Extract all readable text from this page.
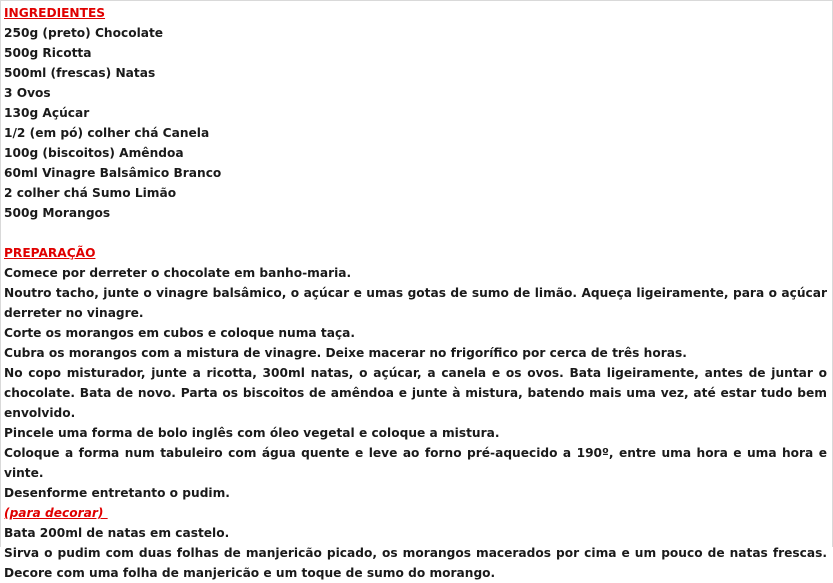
INGREDIENTES
250g (preto) Chocolate
500g Ricotta
500ml (frescas) Natas
3 Ovos
130g Açúcar
1/2 (em pó) colher chá Canela
100g (biscoitos) Amêndoa
60ml Vinagre Balsâmico Branco
2 colher chá Sumo Limão
500g Morangos
PREPARAÇÃO

Comece por derreter o chocolate em banho-maria.

Noutro tacho, junte o vinagre balsâmico, o açúcar e umas gotas de sumo de limão. Aqueça ligeiramente, para o açúcar derreter no vinagre.

Corte os morangos em cubos e coloque numa taça.

Cubra os morangos com a mistura de vinagre. Deixe macerar no frigorífico por cerca de três horas.

No copo misturador, junte a ricotta, 300ml natas, o açúcar, a canela e os ovos. Bata ligeiramente, antes de juntar o chocolate. Bata de novo. Parta os biscoitos de amêndoa e junte à mistura, batendo mais uma vez, até estar tudo bem envolvido.

Pincele uma forma de bolo inglês com óleo vegetal e coloque a mistura.

Coloque a forma num tabuleiro com água quente e leve ao forno pré-aquecido a 190º, entre uma hora e uma hora e vinte.

Desenforme entretanto o pudim.

(para decorar)

Bata 200ml de natas em castelo.

Sirva o pudim com duas folhas de manjericão picado, os morangos macerados por cima e um pouco de natas frescas. Decore com uma folha de manjericão e um toque de sumo do morango.
